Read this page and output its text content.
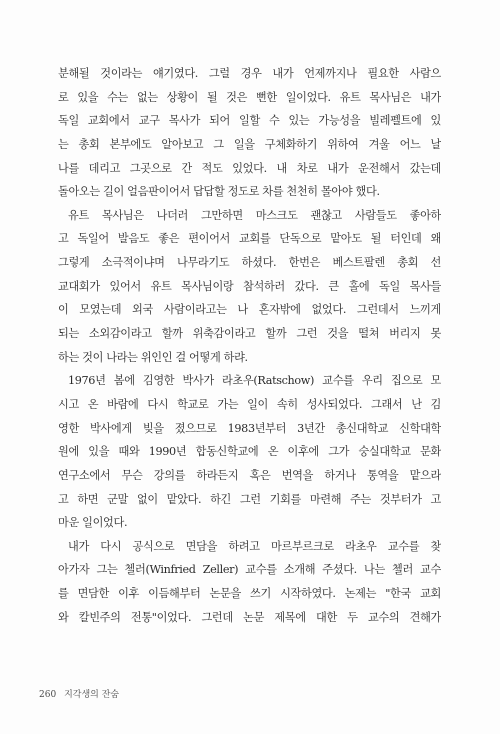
분해될 것이라는 얘기였다. 그럴 경우 내가 언제까지나 필요한 사람으
로 있을 수는 없는 상황이 될 것은 뻔한 일이었다. 유트 목사님은 내가
독일 교회에서 교구 목사가 되어 일할 수 있는 가능성을 빌레펠트에 있
는 총회 본부에도 알아보고 그 일을 구체화하기 위하여 겨울 어느 날
나를 데리고 그곳으로 간 적도 있었다. 내 차로 내가 운전해서 갔는데
돌아오는 길이 얼음판이어서 답답할 정도로 차를 천천히 몰아야 했다.
유트 목사님은 나더러 그만하면 마스크도 괜찮고 사람들도 좋아하
고 독일어 발음도 좋은 편이어서 교회를 단독으로 맡아도 될 터인데 왜
그렇게 소극적이냐며 나무라기도 하셨다. 한번은 베스트팔렌 총회 선
교대회가 있어서 유트 목사님이랑 참석하러 갔다. 큰 홀에 독일 목사들
이 모였는데 외국 사람이라고는 나 혼자밖에 없었다. 그런데서 느끼게
되는 소외감이라고 할까 위축감이라고 할까 그런 것을 떨쳐 버리지 못
하는 것이 나라는 위인인 걸 어떻게 하랴.
1976년 봄에 김영한 박사가 라초우(Ratschow) 교수를 우리 집으로 모
시고 온 바람에 다시 학교로 가는 일이 속히 성사되었다. 그래서 난 김
영한 박사에게 빚을 졌으므로 1983년부터 3년간 총신대학교 신학대학
원에 있을 때와 1990년 합동신학교에 온 이후에 그가 숭실대학교 문화
연구소에서 무슨 강의를 하라든지 혹은 번역을 하거나 통역을 맡으라
고 하면 군말 없이 맡았다. 하긴 그런 기회를 마련해 주는 것부터가 고
마운 일이었다.
내가 다시 공식으로 면담을 하려고 마르부르크로 라초우 교수를 찾
아가자 그는 첼러(Winfried Zeller) 교수를 소개해 주셨다. 나는 첼러 교수
를 면담한 이후 이듬해부터 논문을 쓰기 시작하였다. 논제는 "한국 교회
와 칼빈주의 전통"이었다. 그런데 논문 제목에 대한 두 교수의 견해가
260 지각생의 잔숨
